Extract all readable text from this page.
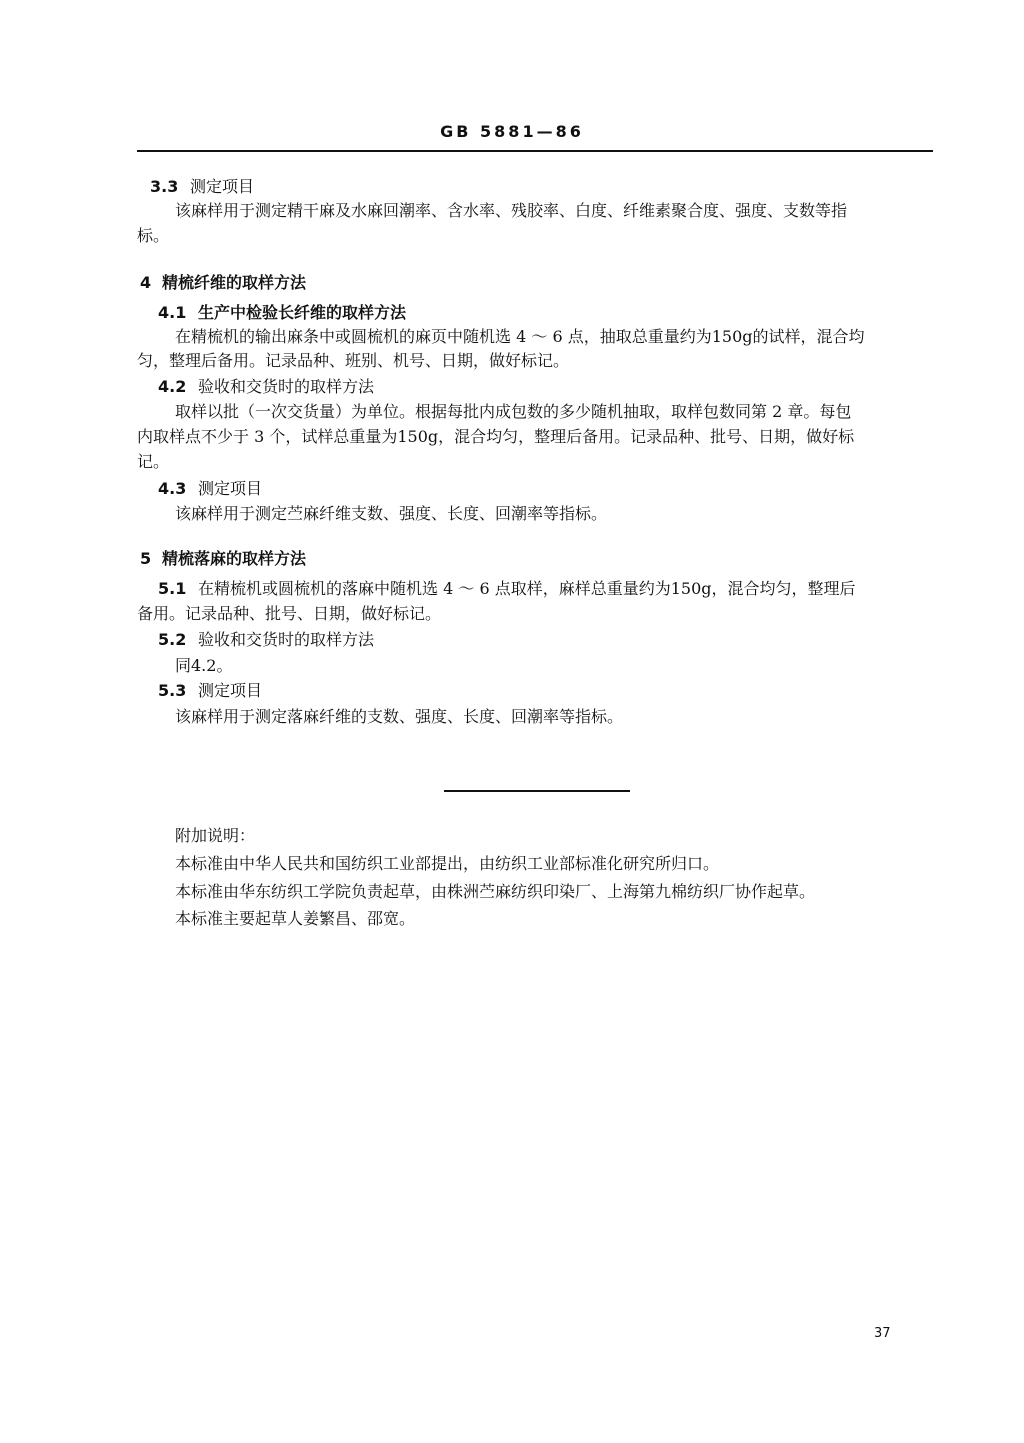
GB 5881—86
3.3 测定项目
该麻样用于测定精干麻及水麻回潮率、含水率、残胶率、白度、纤维素聚合度、强度、支数等指
标。
4 精梳纤维的取样方法
4.1 生产中检验长纤维的取样方法
在精梳机的输出麻条中或圆梳机的麻页中随机选 4 ～ 6 点，抽取总重量约为150g的试样，混合均
匀，整理后备用。记录品种、班别、机号、日期，做好标记。
4.2 验收和交货时的取样方法
取样以批（一次交货量）为单位。根据每批内成包数的多少随机抽取，取样包数同第 2 章。每包
内取样点不少于 3 个，试样总重量为150g，混合均匀，整理后备用。记录品种、批号、日期，做好标
记。
4.3 测定项目
该麻样用于测定苎麻纤维支数、强度、长度、回潮率等指标。
5 精梳落麻的取样方法
5.1 在精梳机或圆梳机的落麻中随机选 4 ～ 6 点取样，麻样总重量约为150g，混合均匀，整理后
备用。记录品种、批号、日期，做好标记。
5.2 验收和交货时的取样方法
同4.2。
5.3 测定项目
该麻样用于测定落麻纤维的支数、强度、长度、回潮率等指标。
附加说明：
本标准由中华人民共和国纺织工业部提出，由纺织工业部标准化研究所归口。
本标准由华东纺织工学院负责起草，由株洲苎麻纺织印染厂、上海第九棉纺织厂协作起草。
本标准主要起草人姜繁昌、邵宽。
37
